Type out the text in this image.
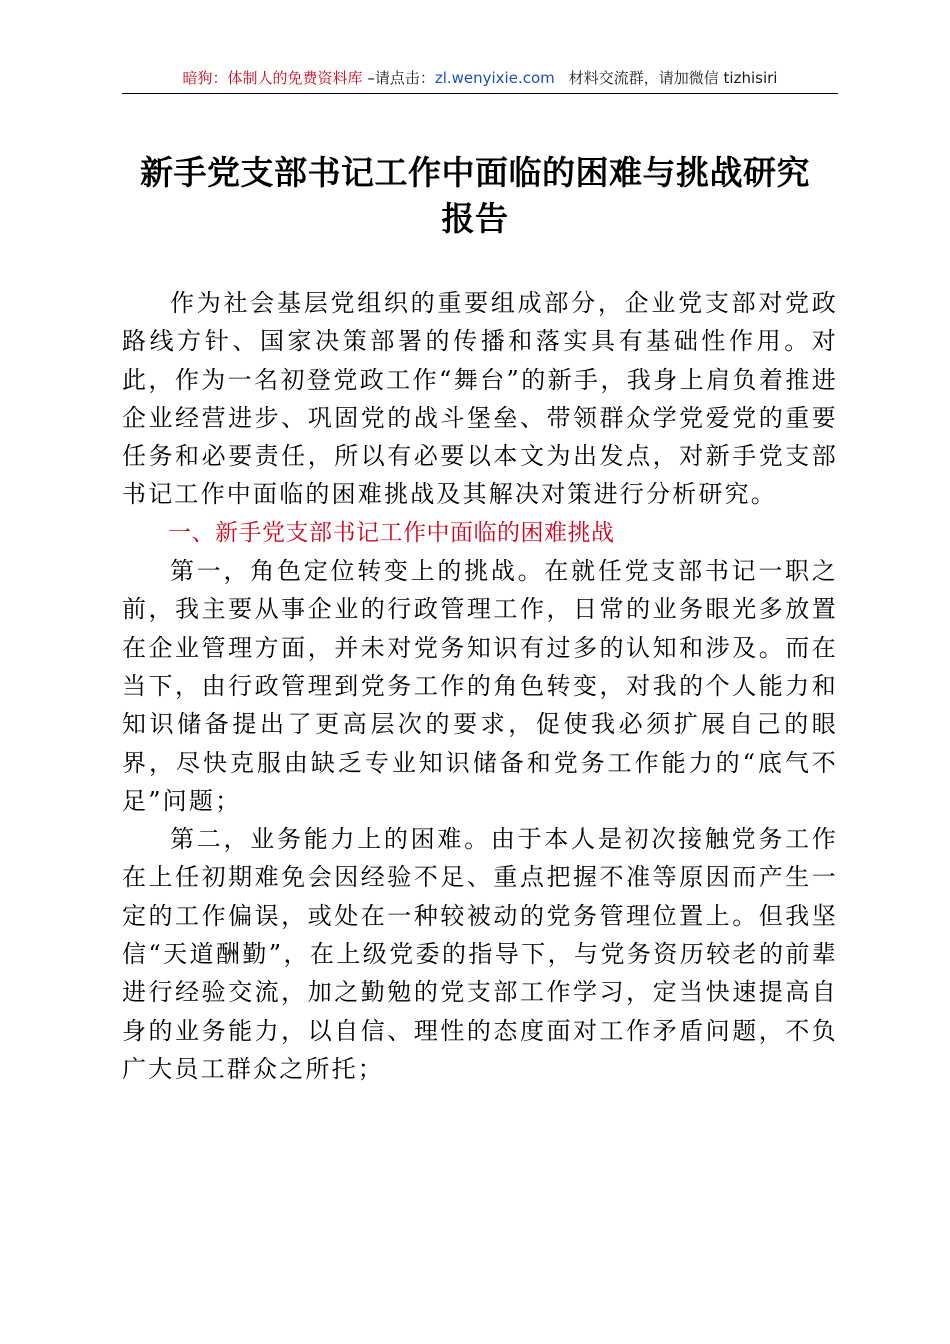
暗狗：体制人的免费资料库 –请点击：zl.wenyixie.com 材料交流群，请加微信 tizhisiri
新手党支部书记工作中面临的困难与挑战研究
报告

作为社会基层党组织的重要组成部分，企业党支部对党政路线方针、国家决策部署的传播和落实具有基础性作用。对此，作为一名初登党政工作“舞台”的新手，我身上肩负着推进企业经营进步、巩固党的战斗堡垒、带领群众学党爱党的重要任务和必要责任，所以有必要以本文为出发点，对新手党支部书记工作中面临的困难挑战及其解决对策进行分析研究。

一、新手党支部书记工作中面临的困难挑战

第一，角色定位转变上的挑战。在就任党支部书记一职之前，我主要从事企业的行政管理工作，日常的业务眼光多放置在企业管理方面，并未对党务知识有过多的认知和涉及。而在当下，由行政管理到党务工作的角色转变，对我的个人能力和知识储备提出了更高层次的要求，促使我必须扩展自己的眼界，尽快克服由缺乏专业知识储备和党务工作能力的“底气不足”问题；

第二，业务能力上的困难。由于本人是初次接触党务工作在上任初期难免会因经验不足、重点把握不准等原因而产生一定的工作偏误，或处在一种较被动的党务管理位置上。但我坚信“天道酬勤”，在上级党委的指导下，与党务资历较老的前辈进行经验交流，加之勤勉的党支部工作学习，定当快速提高自身的业务能力，以自信、理性的态度面对工作矛盾问题，不负广大员工群众之所托；
